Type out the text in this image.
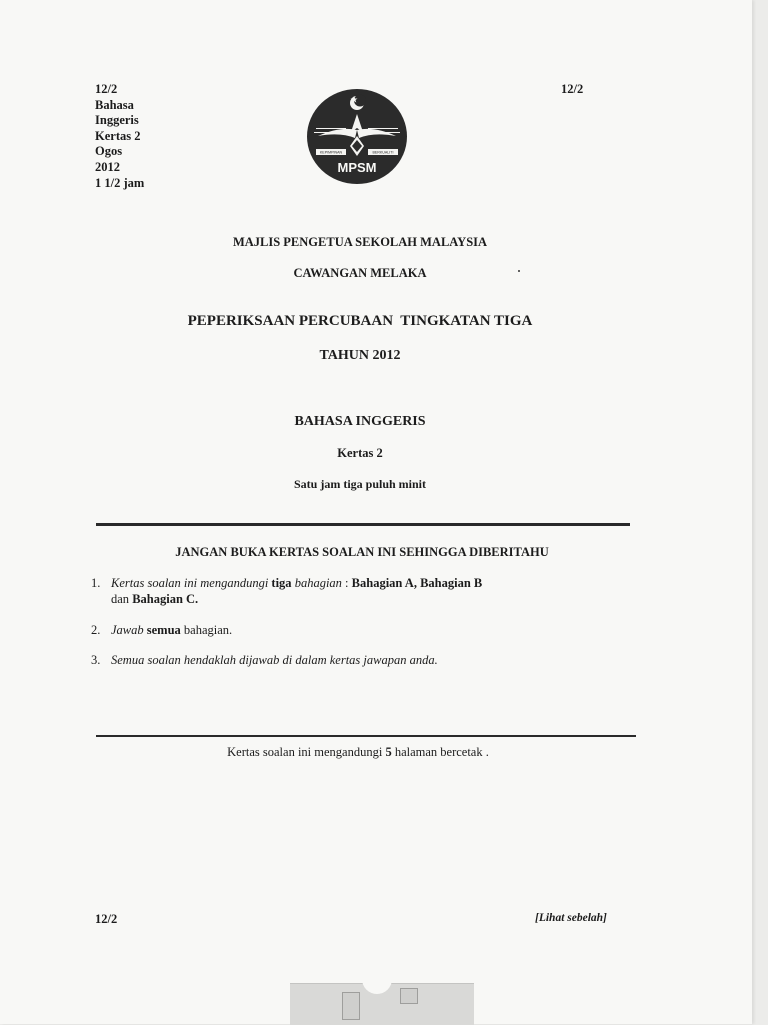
12/2
Bahasa
Inggeris
Kertas 2
Ogos
2012
1 1/2 jam
12/2
KEPIMPINAN	BERKUALITI
MPSM
MAJLIS PENGETUA SEKOLAH MALAYSIA
CAWANGAN MELAKA
PEPERIKSAAN PERCUBAAN  TINGKATAN TIGA
TAHUN 2012
BAHASA INGGERIS
Kertas 2
Satu jam tiga puluh minit
JANGAN BUKA KERTAS SOALAN INI SEHINGGA DIBERITAHU
1. Kertas soalan ini mengandungi tiga bahagian : Bahagian A, Bahagian B
dan Bahagian C.
2. Jawab semua bahagian.
3. Semua soalan hendaklah dijawab di dalam kertas jawapan anda.
Kertas soalan ini mengandungi 5 halaman bercetak .
12/2	[Lihat sebelah]
